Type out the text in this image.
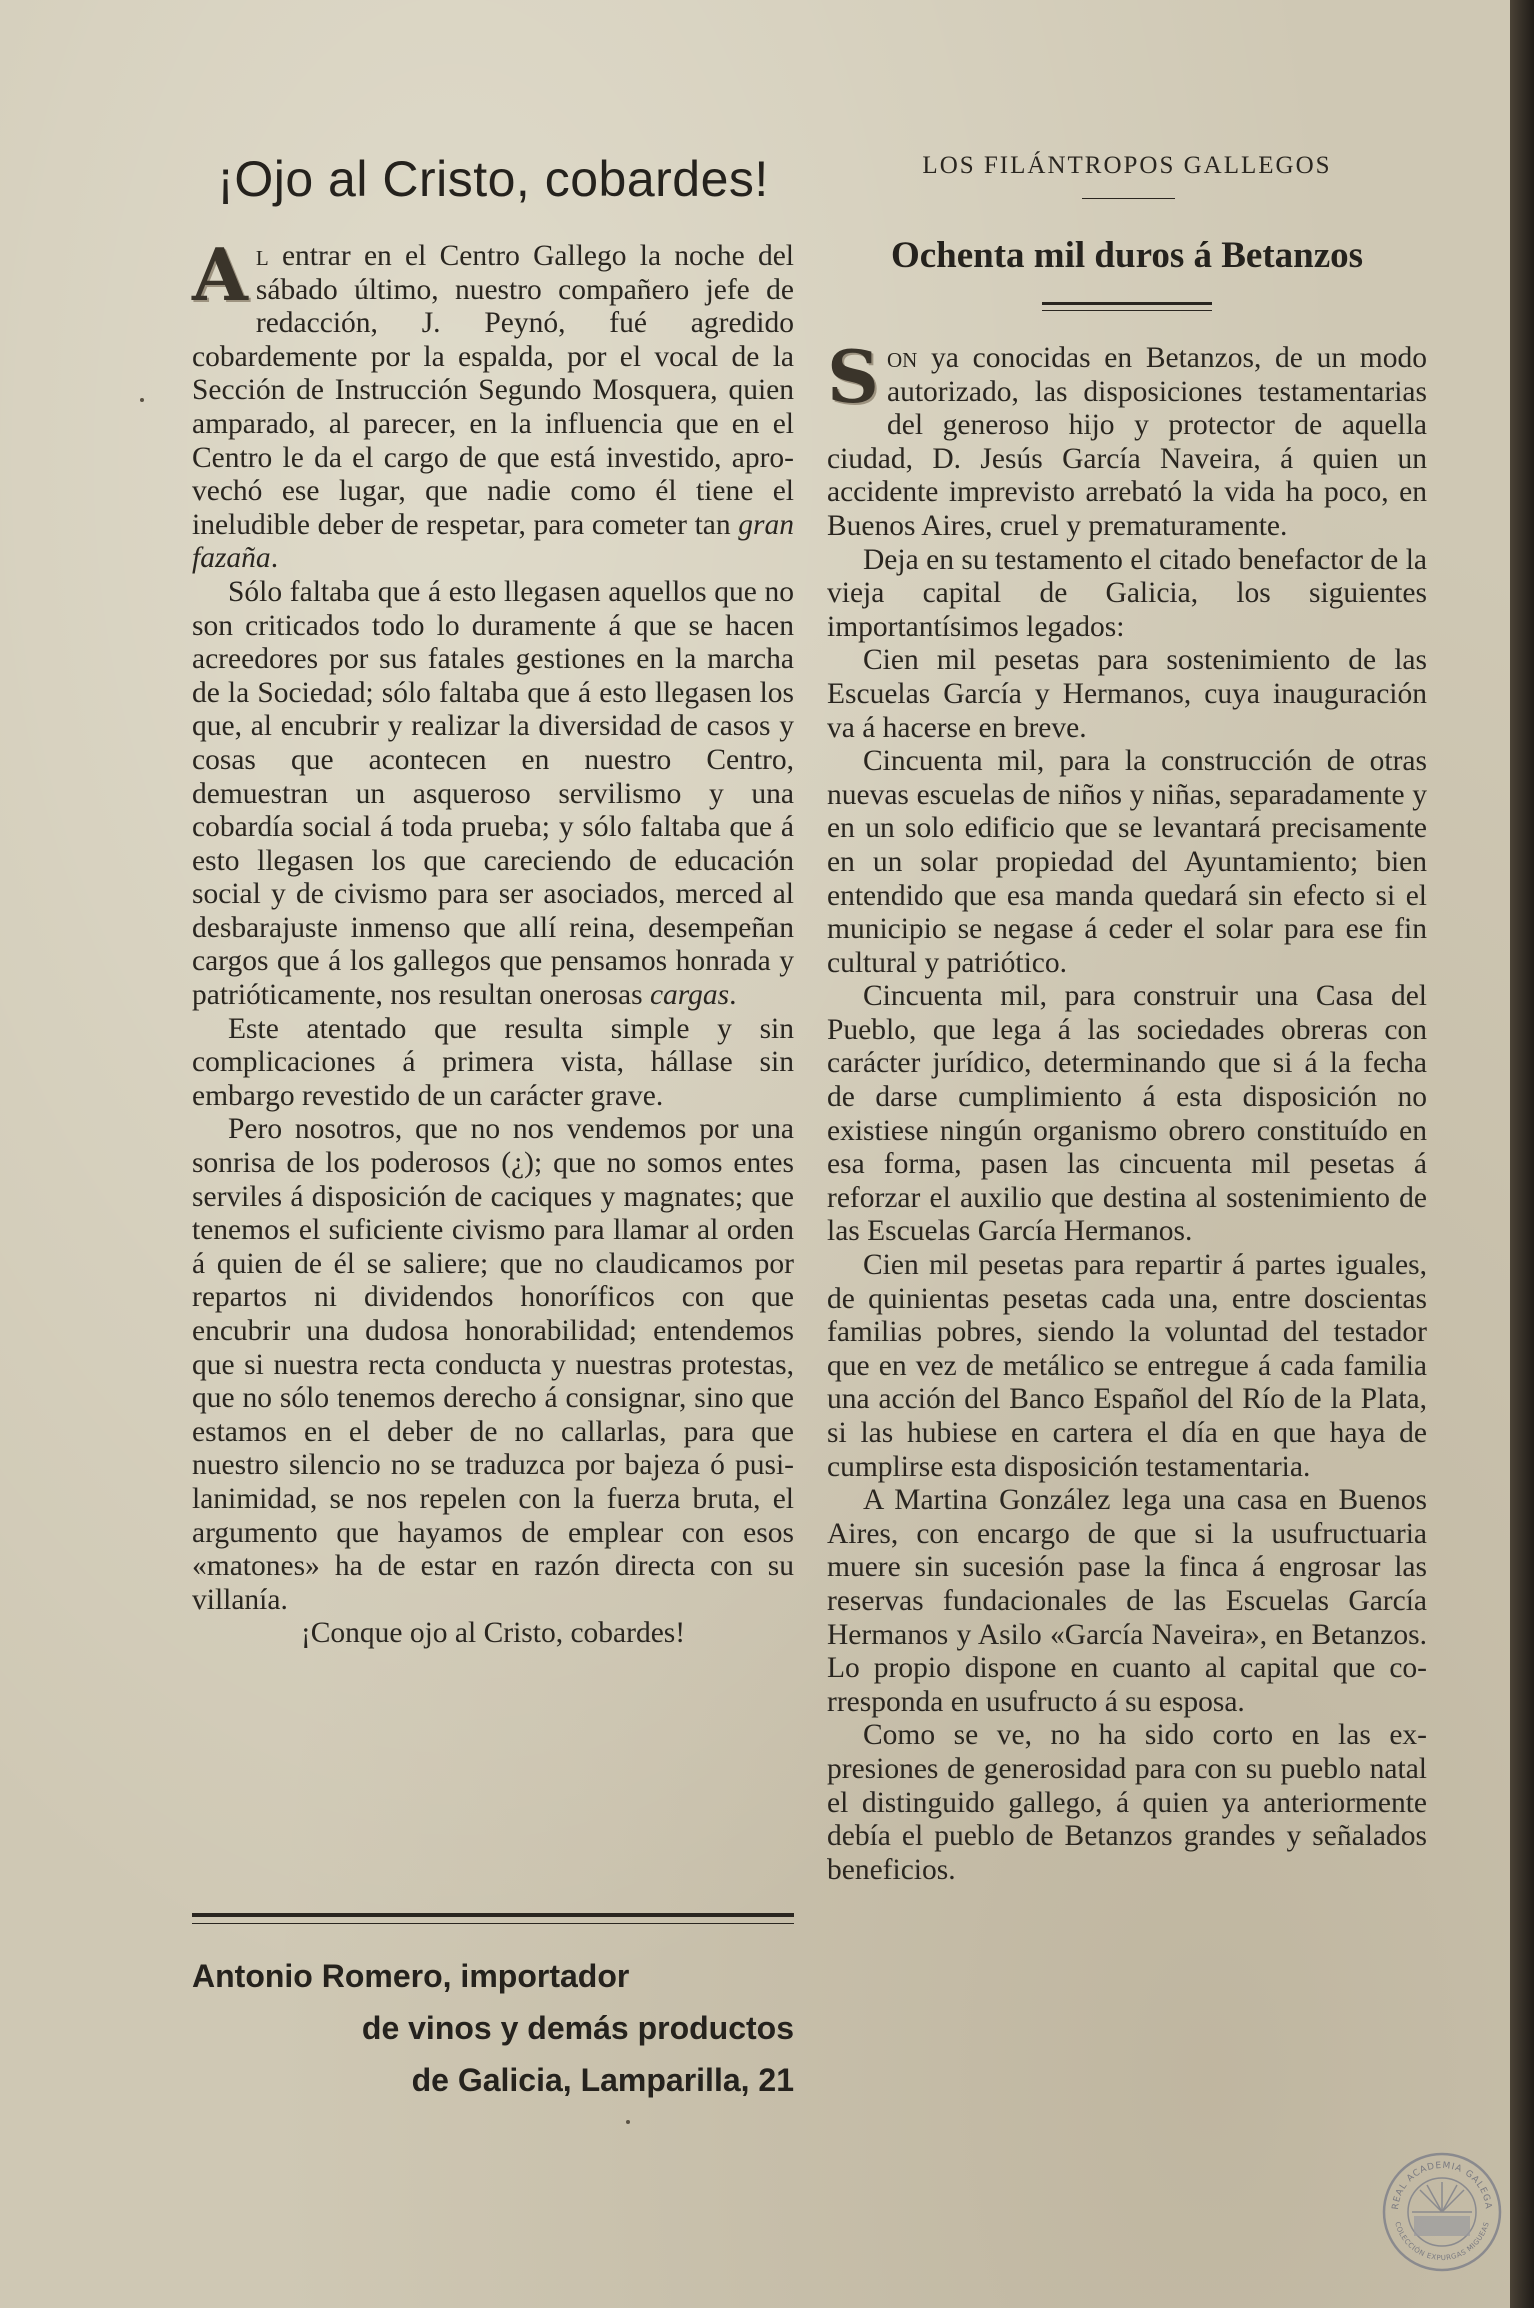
¡Ojo al Cristo, cobardes!

Al entrar en el Centro Gallego la noche del sábado último, nuestro compañero jefe de redacción, J. Peynó, fué agredido cobardemente por la espalda, por el vocal de la Sección de Instrucción Segundo Mosquera, quien amparado, al parecer, en la influencia que en el Centro le da el cargo de que está investido, aprovechó ese lugar, que nadie como él tiene el ineludible deber de respetar, para cometer tan gran fazaña.

Sólo faltaba que á esto llegasen aquellos que no son criticados todo lo duramente á que se hacen acreedores por sus fatales gestiones en la marcha de la Sociedad; sólo faltaba que á esto llegasen los que, al encubrir y realizar la diversidad de casos y cosas que acontecen en nuestro Centro, demuestran un asqueroso servilismo y una cobardía social á toda prueba; y sólo faltaba que á esto llegasen los que careciendo de educación social y de civismo para ser asociados, merced al desbarajuste inmenso que allí reina, desempeñan cargos que á los gallegos que pensamos honrada y patrióticamente, nos resultan onerosas cargas.

Este atentado que resulta simple y sin complicaciones á primera vista, hállase sin embargo revestido de un carácter grave.

Pero nosotros, que no nos vendemos por una sonrisa de los poderosos (¿); que no somos entes serviles á disposición de caciques y magnates; que tenemos el suficiente civismo para llamar al orden á quien de él se saliere; que no claudicamos por repartos ni dividendos honoríficos con que encubrir una dudosa honorabilidad; entendemos que si nuestra recta conducta y nuestras protestas, que no sólo tenemos derecho á consignar, sino que estamos en el deber de no callarlas, para que nuestro silencio no se traduzca por bajeza ó pusilanimidad, se nos repelen con la fuerza bruta, el argumento que hayamos de emplear con esos «matones» ha de estar en razón directa con su villanía.

¡Conque ojo al Cristo, cobardes!

Antonio Romero, importador
de vinos y demás productos
de Galicia, Lamparilla, 21
LOS FILÁNTROPOS GALLEGOS
Ochenta mil duros á Betanzos

Son ya conocidas en Betanzos, de un modo autorizado, las disposiciones testamentarias del generoso hijo y protector de aquella ciudad, D. Jesús García Naveira, á quien un accidente imprevisto arrebató la vida ha poco, en Buenos Aires, cruel y prematuramente.

Deja en su testamento el citado benefactor de la vieja capital de Galicia, los siguientes importantísimos legados:

Cien mil pesetas para sostenimiento de las Escuelas García y Hermanos, cuya inauguración va á hacerse en breve.

Cincuenta mil, para la construcción de otras nuevas escuelas de niños y niñas, separadamente y en un solo edificio que se levantará precisamente en un solar propiedad del Ayuntamiento; bien entendido que esa manda quedará sin efecto si el municipio se negase á ceder el solar para ese fin cultural y patriótico.

Cincuenta mil, para construir una Casa del Pueblo, que lega á las sociedades obreras con carácter jurídico, determinando que si á la fecha de darse cumplimiento á esta disposición no existiese ningún organismo obrero constituído en esa forma, pasen las cincuenta mil pesetas á reforzar el auxilio que destina al sostenimiento de las Escuelas García Hermanos.

Cien mil pesetas para repartir á partes iguales, de quinientas pesetas cada una, entre doscientas familias pobres, siendo la voluntad del testador que en vez de metálico se entregue á cada familia una acción del Banco Español del Río de la Plata, si las hubiese en cartera el día en que haya de cumplirse esta disposición testamentaria.

A Martina González lega una casa en Buenos Aires, con encargo de que si la usufructuaria muere sin sucesión pase la finca á engrosar las reservas fundacionales de las Escuelas García Hermanos y Asilo «García Naveira», en Betanzos. Lo propio dispone en cuanto al capital que corresponda en usufructo á su esposa.

Como se ve, no ha sido corto en las expresiones de generosidad para con su pueblo natal el distinguido gallego, á quien ya anteriormente debía el pueblo de Betanzos grandes y señalados beneficios.

REAL ACADEMIA GALEGA
COLECCIÓN EXPURGAS MIGUEAS
